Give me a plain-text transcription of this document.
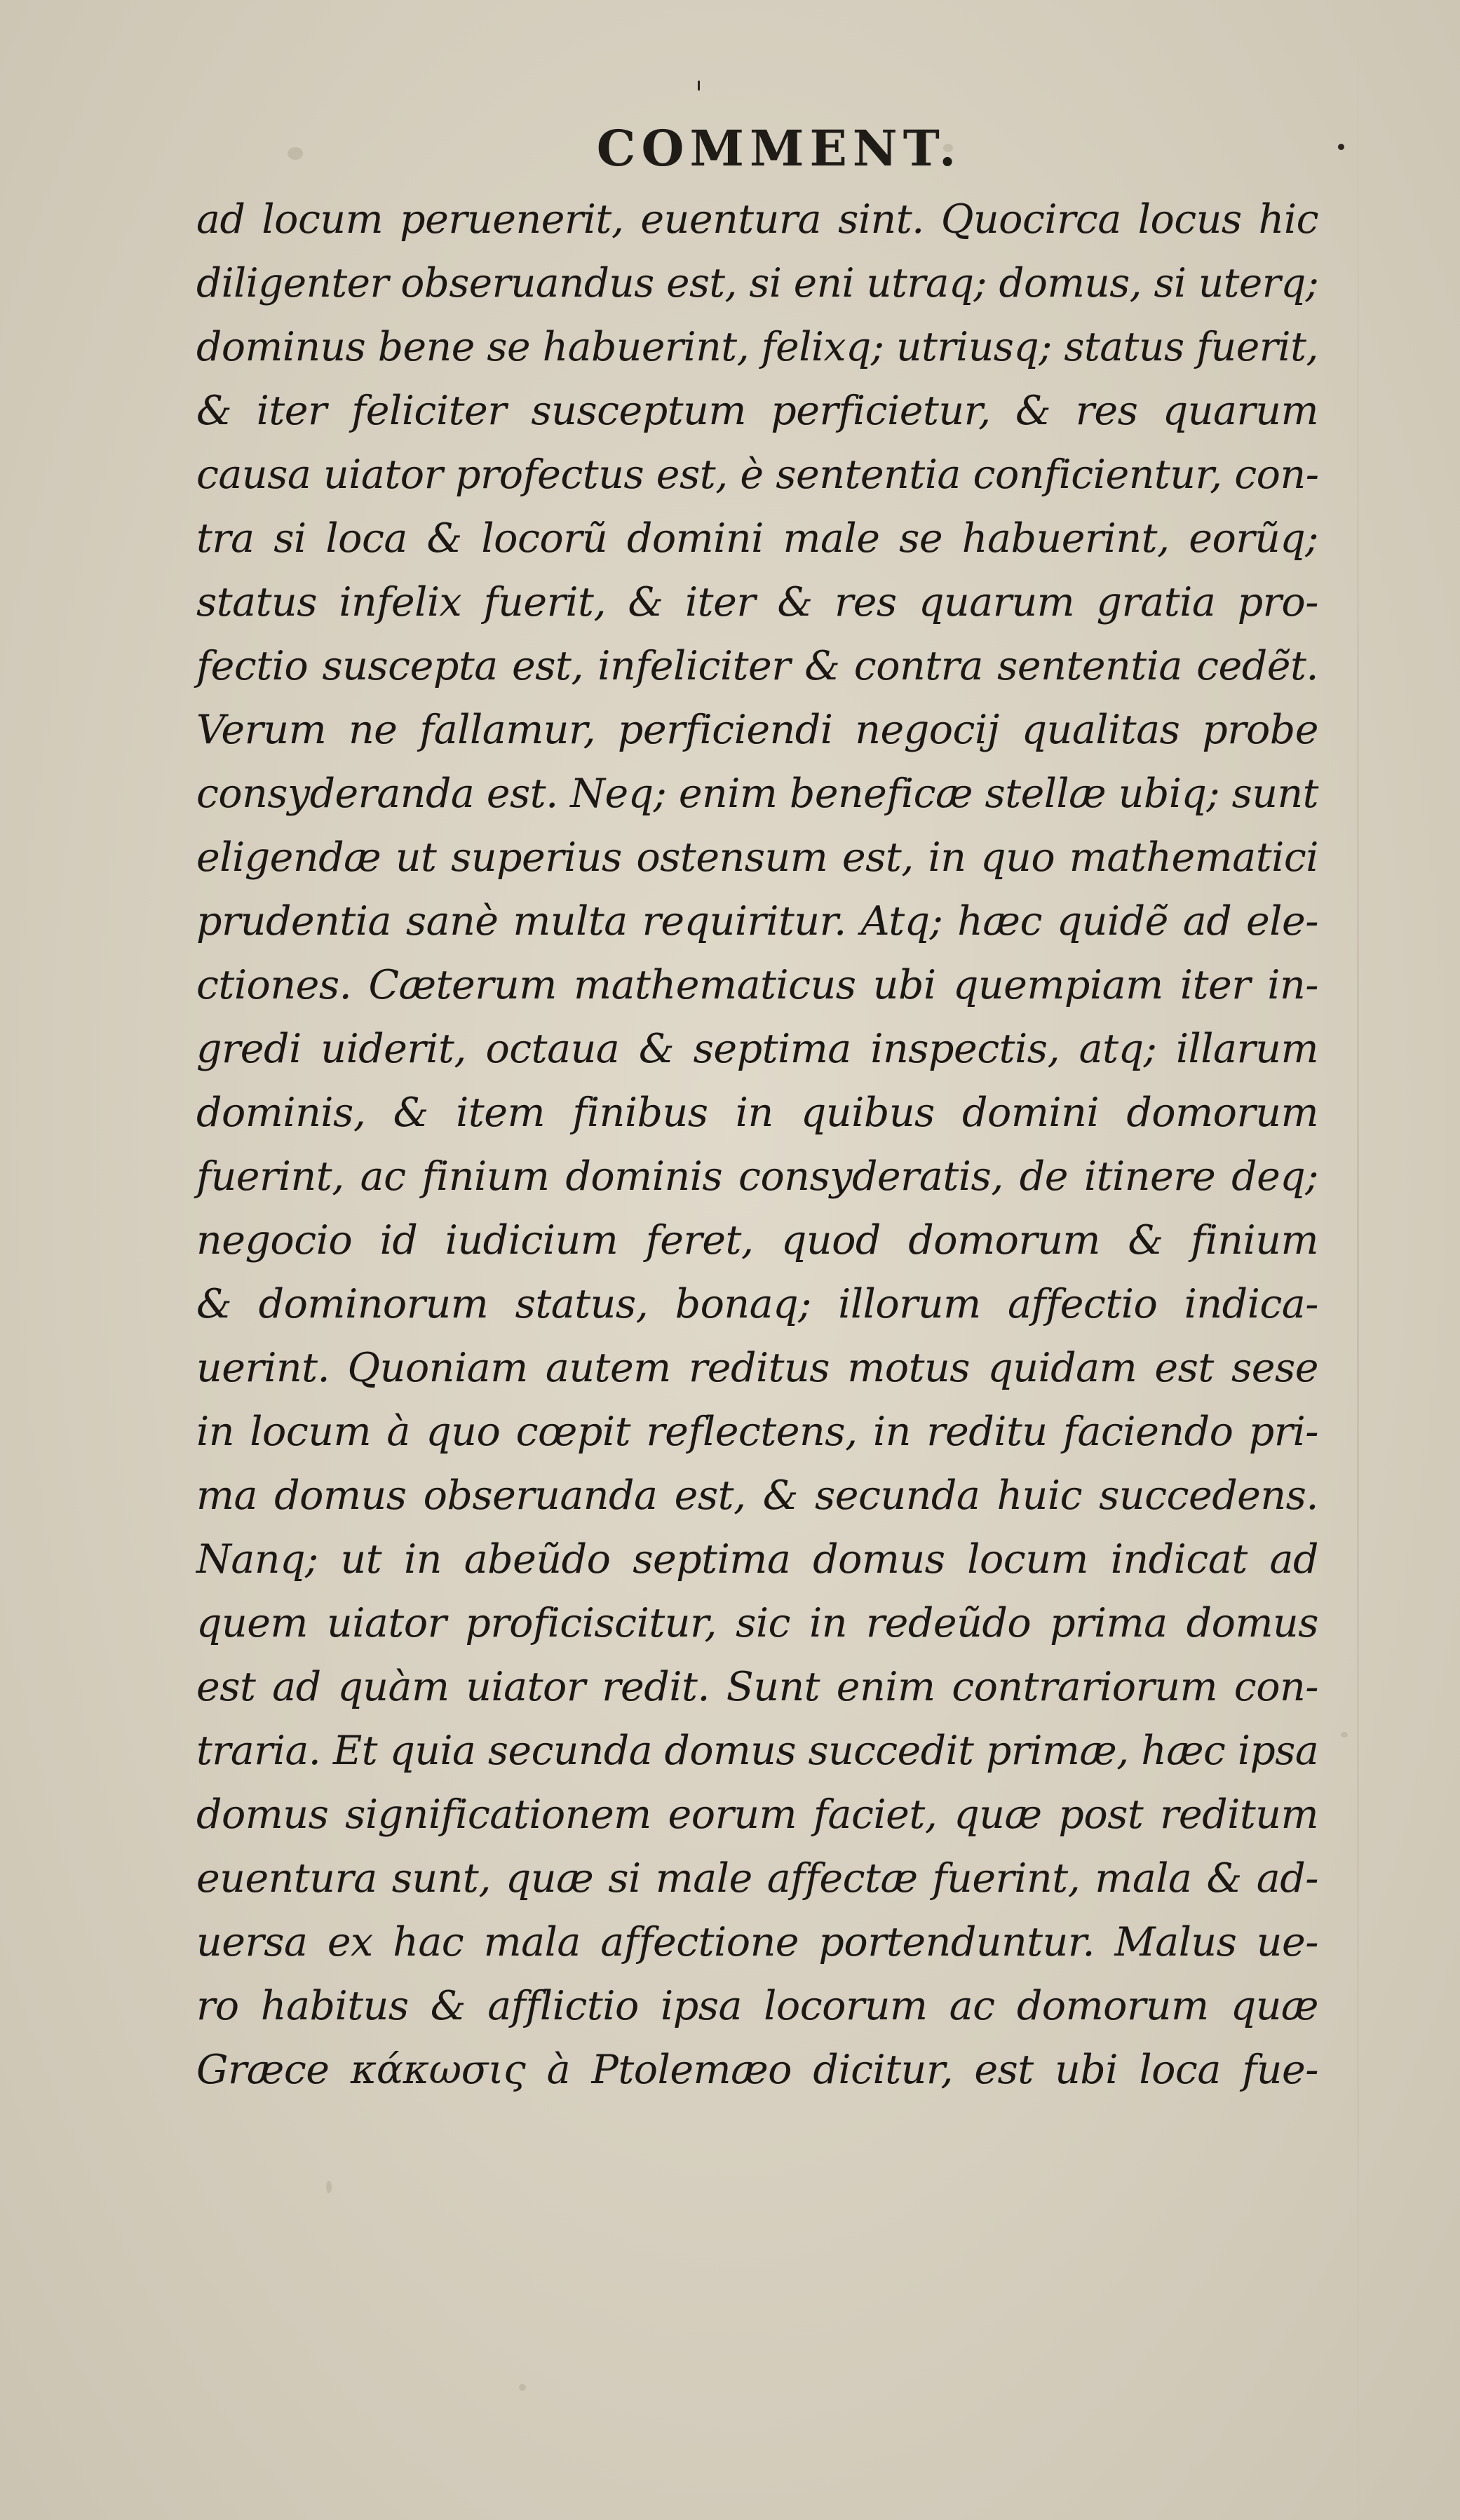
COMMENT.
ad locum peruenerit, euentura sint. Quocirca locus hic
diligenter obseruandus est, si eni utraq; domus, si uterq;
dominus bene se habuerint, felixq; utriusq; status fuerit,
& iter feliciter susceptum perficietur, & res quarum
causa uiator profectus est, è sententia conficientur, con-
tra si loca & locorũ domini male se habuerint, eorũq;
status infelix fuerit, & iter & res quarum gratia pro-
fectio suscepta est, infeliciter & contra sententia cedẽt.
Verum ne fallamur, perficiendi negocij qualitas probe
consyderanda est. Neq; enim beneficæ stellæ ubiq; sunt
eligendæ ut superius ostensum est, in quo mathematici
prudentia sanè multa requiritur. Atq; hæc quidẽ ad ele-
ctiones. Cæterum mathematicus ubi quempiam iter in-
gredi uiderit, octaua & septima inspectis, atq; illarum
dominis, & item finibus in quibus domini domorum
fuerint, ac finium dominis consyderatis, de itinere deq;
negocio id iudicium feret, quod domorum & finium
& dominorum status, bonaq; illorum affectio indica-
uerint. Quoniam autem reditus motus quidam est sese
in locum à quo cœpit reflectens, in reditu faciendo pri-
ma domus obseruanda est, & secunda huic succedens.
Nanq; ut in abeũdo septima domus locum indicat ad
quem uiator proficiscitur, sic in redeũdo prima domus
est ad quàm uiator redit. Sunt enim contrariorum con-
traria. Et quia secunda domus succedit primæ, hæc ipsa
domus significationem eorum faciet, quæ post reditum
euentura sunt, quæ si male affectæ fuerint, mala & ad-
uersa ex hac mala affectione portenduntur. Malus ue-
ro habitus & afflictio ipsa locorum ac domorum quæ
Græce κάκωσις à Ptolemæo dicitur, est ubi loca fue-
